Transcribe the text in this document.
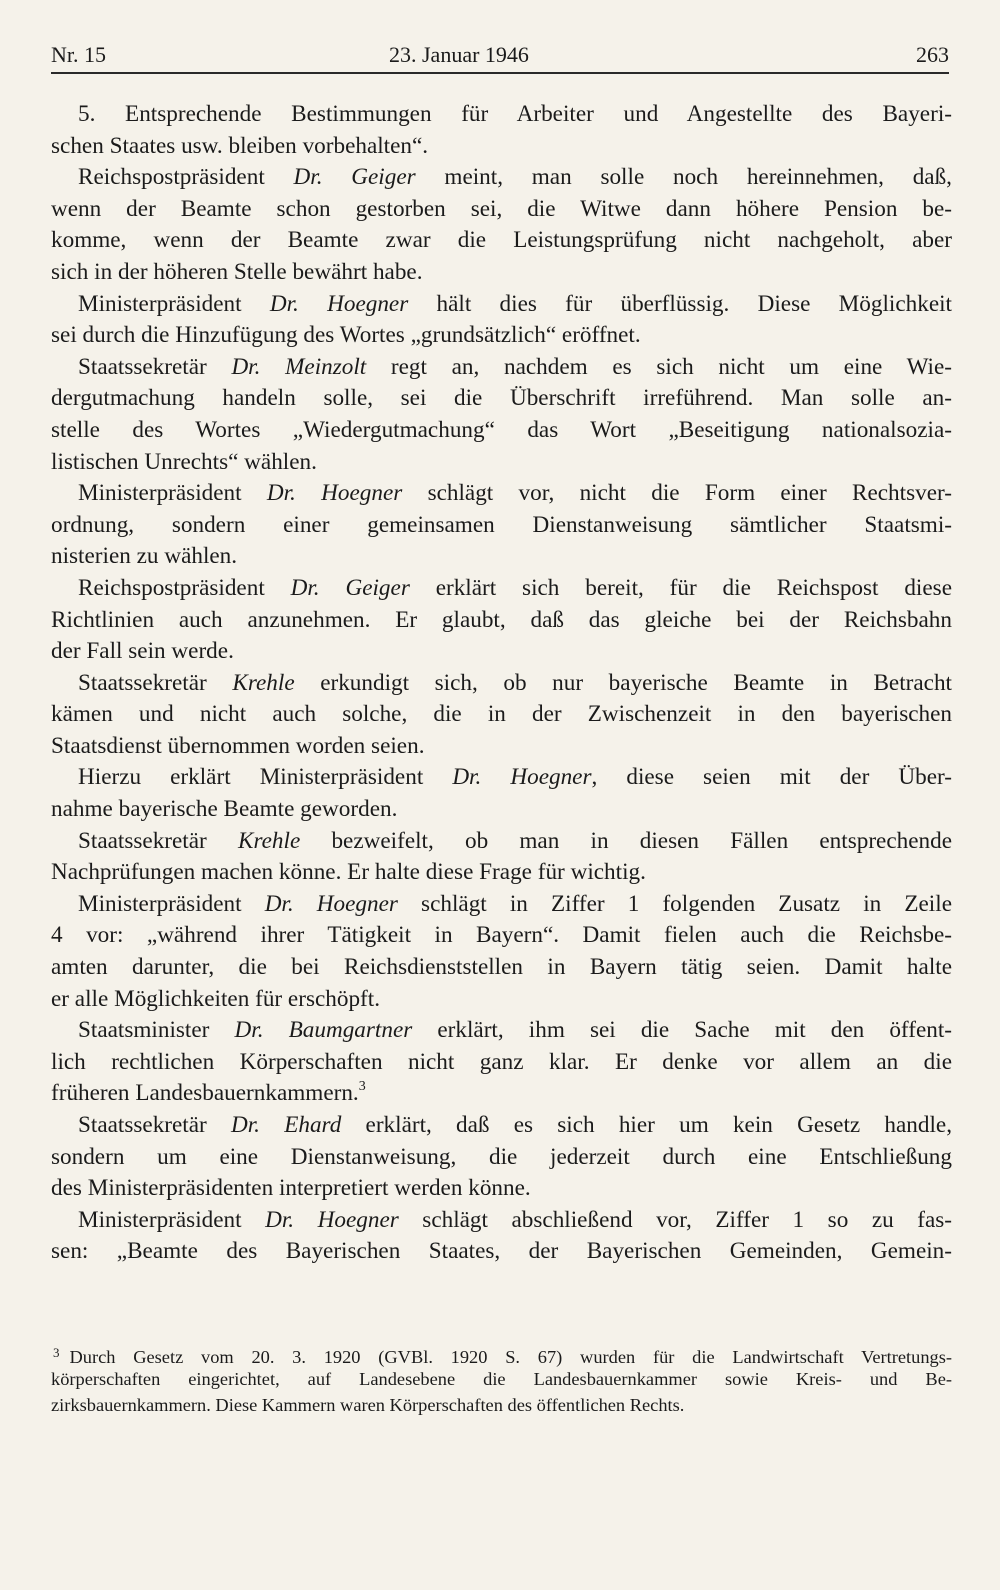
Nr. 15	23. Januar 1946	263
5. Entsprechende Bestimmungen für Arbeiter und Angestellte des Bayeri-
schen Staates usw. bleiben vorbehalten“.
Reichspostpräsident Dr. Geiger meint, man solle noch hereinnehmen, daß,
wenn der Beamte schon gestorben sei, die Witwe dann höhere Pension be-
komme, wenn der Beamte zwar die Leistungsprüfung nicht nachgeholt, aber
sich in der höheren Stelle bewährt habe.
Ministerpräsident Dr. Hoegner hält dies für überflüssig. Diese Möglichkeit
sei durch die Hinzufügung des Wortes „grundsätzlich“ eröffnet.
Staatssekretär Dr. Meinzolt regt an, nachdem es sich nicht um eine Wie-
dergutmachung handeln solle, sei die Überschrift irreführend. Man solle an-
stelle des Wortes „Wiedergutmachung“ das Wort „Beseitigung nationalsozia-
listischen Unrechts“ wählen.
Ministerpräsident Dr. Hoegner schlägt vor, nicht die Form einer Rechtsver-
ordnung, sondern einer gemeinsamen Dienstanweisung sämtlicher Staatsmi-
nisterien zu wählen.
Reichspostpräsident Dr. Geiger erklärt sich bereit, für die Reichspost diese
Richtlinien auch anzunehmen. Er glaubt, daß das gleiche bei der Reichsbahn
der Fall sein werde.
Staatssekretär Krehle erkundigt sich, ob nur bayerische Beamte in Betracht
kämen und nicht auch solche, die in der Zwischenzeit in den bayerischen
Staatsdienst übernommen worden seien.
Hierzu erklärt Ministerpräsident Dr. Hoegner, diese seien mit der Über-
nahme bayerische Beamte geworden.
Staatssekretär Krehle bezweifelt, ob man in diesen Fällen entsprechende
Nachprüfungen machen könne. Er halte diese Frage für wichtig.
Ministerpräsident Dr. Hoegner schlägt in Ziffer 1 folgenden Zusatz in Zeile
4 vor: „während ihrer Tätigkeit in Bayern“. Damit fielen auch die Reichsbe-
amten darunter, die bei Reichsdienststellen in Bayern tätig seien. Damit halte
er alle Möglichkeiten für erschöpft.
Staatsminister Dr. Baumgartner erklärt, ihm sei die Sache mit den öffent-
lich rechtlichen Körperschaften nicht ganz klar. Er denke vor allem an die
früheren Landesbauernkammern.$^3$
Staatssekretär Dr. Ehard erklärt, daß es sich hier um kein Gesetz handle,
sondern um eine Dienstanweisung, die jederzeit durch eine Entschließung
des Ministerpräsidenten interpretiert werden könne.
Ministerpräsident Dr. Hoegner schlägt abschließend vor, Ziffer 1 so zu fas-
sen: „Beamte des Bayerischen Staates, der Bayerischen Gemeinden, Gemein-
$^3$ Durch Gesetz vom 20. 3. 1920 (GVBl. 1920 S. 67) wurden für die Landwirtschaft Vertretungs-
körperschaften eingerichtet, auf Landesebene die Landesbauernkammer sowie Kreis- und Be-
zirksbauernkammern. Diese Kammern waren Körperschaften des öffentlichen Rechts.
